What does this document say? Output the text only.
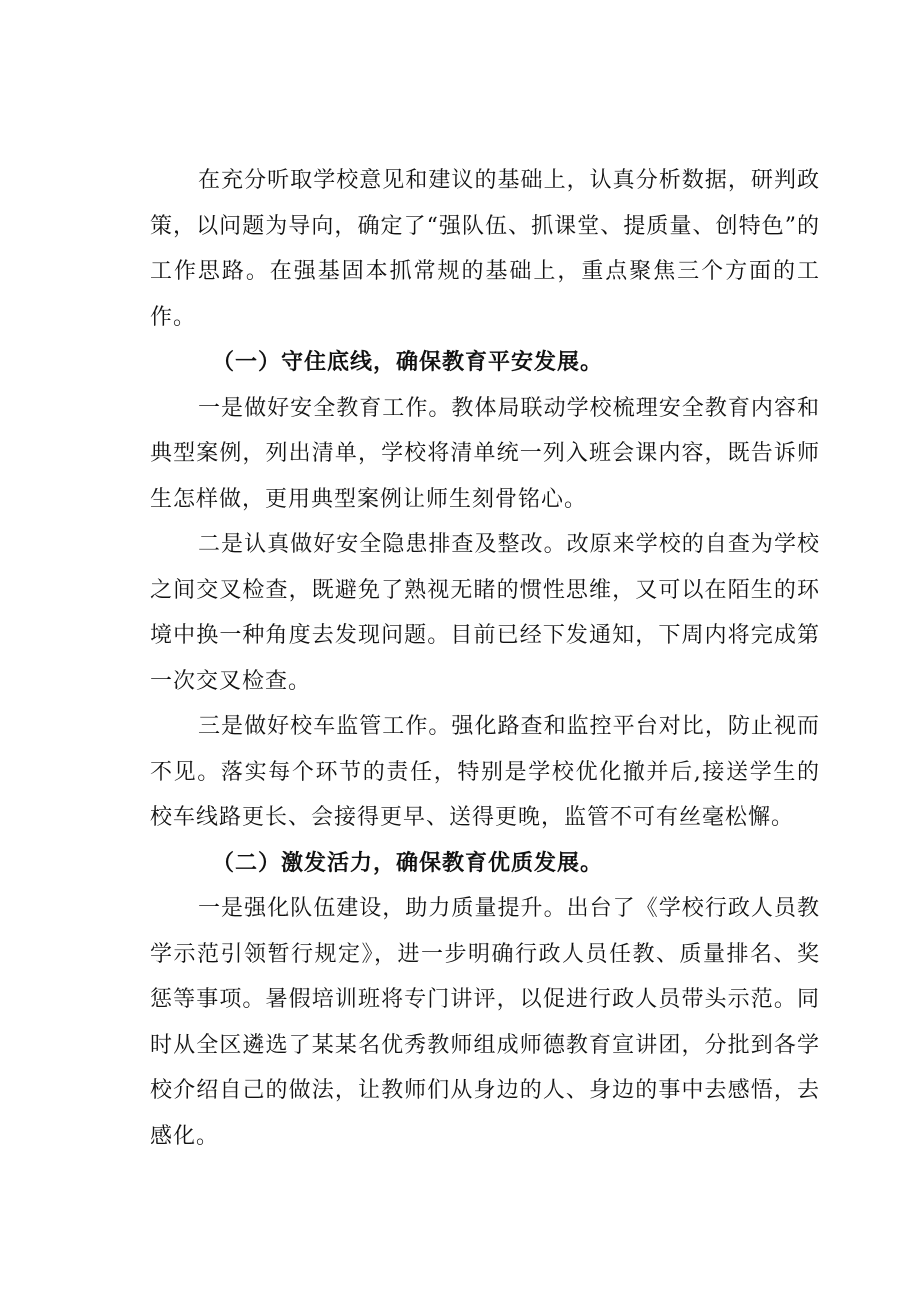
在充分听取学校意见和建议的基础上，认真分析数据，研判政策，以问题为导向，确定了“强队伍、抓课堂、提质量、创特色”的工作思路。在强基固本抓常规的基础上，重点聚焦三个方面的工作。

（一）守住底线，确保教育平安发展。

一是做好安全教育工作。教体局联动学校梳理安全教育内容和典型案例，列出清单，学校将清单统一列入班会课内容，既告诉师生怎样做，更用典型案例让师生刻骨铭心。

二是认真做好安全隐患排查及整改。改原来学校的自查为学校之间交叉检查，既避免了熟视无睹的惯性思维，又可以在陌生的环境中换一种角度去发现问题。目前已经下发通知，下周内将完成第一次交叉检查。

三是做好校车监管工作。强化路查和监控平台对比，防止视而不见。落实每个环节的责任，特别是学校优化撤并后,接送学生的校车线路更长、会接得更早、送得更晚，监管不可有丝毫松懈。

（二）激发活力，确保教育优质发展。

一是强化队伍建设，助力质量提升。出台了《学校行政人员教学示范引领暂行规定》，进一步明确行政人员任教、质量排名、奖惩等事项。暑假培训班将专门讲评，以促进行政人员带头示范。同时从全区遴选了某某名优秀教师组成师德教育宣讲团，分批到各学校介绍自己的做法，让教师们从身边的人、身边的事中去感悟，去感化。
